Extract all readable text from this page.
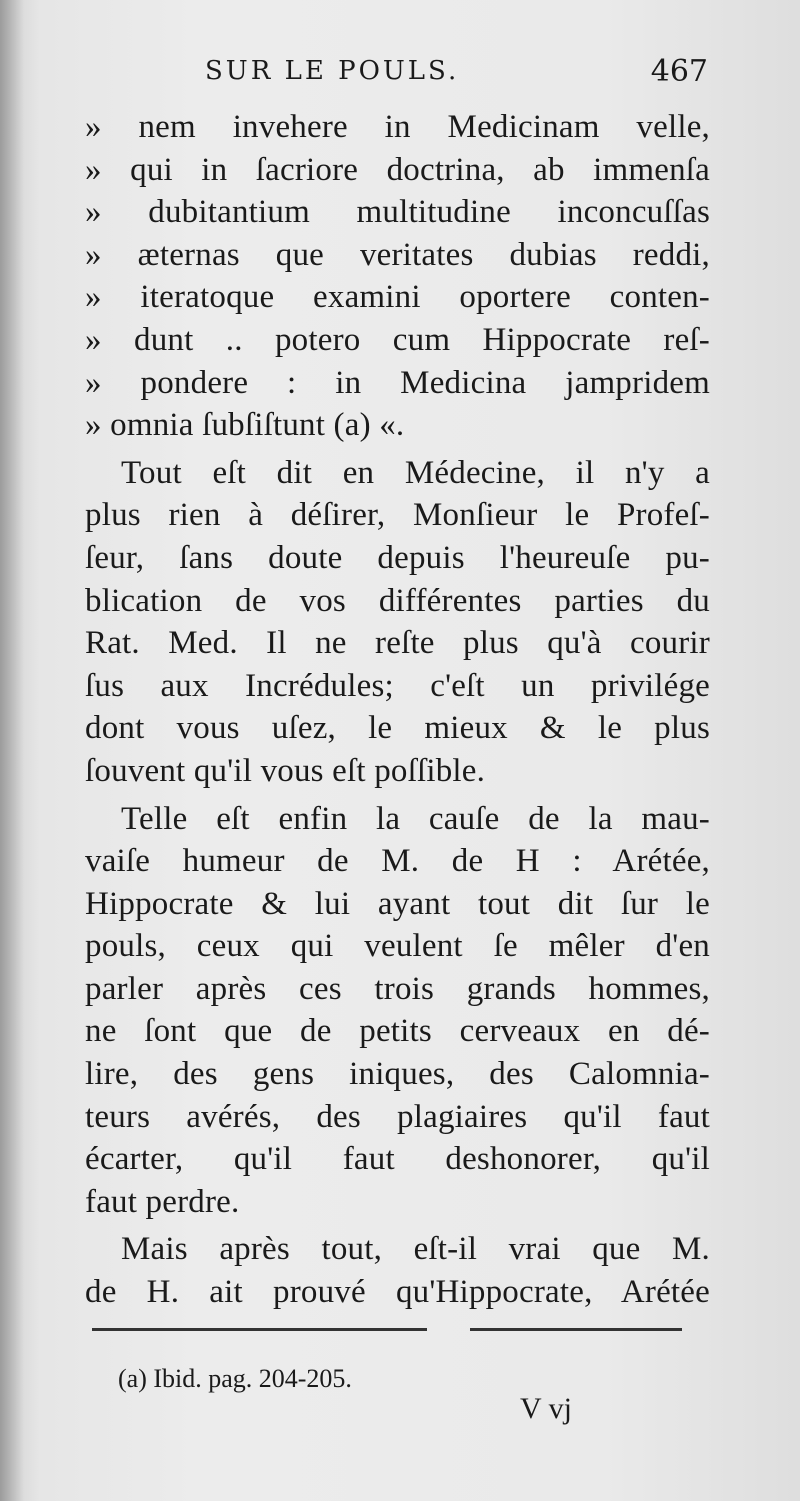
SUR LE POULS.	467
» nem invehere in Medicinam velle,
» qui in ſacriore doctrina, ab immenſa
» dubitantium multitudine inconcuſſas
» æternas que veritates dubias reddi,
» iteratoque examini oportere conten-
» dunt .. potero cum Hippocrate reſ-
» pondere : in Medicina jampridem
» omnia ſubſiſtunt (a) «.
Tout eſt dit en Médecine, il n'y a
plus rien à déſirer, Monſieur le Profeſ-
ſeur, ſans doute depuis l'heureuſe pu-
blication de vos différentes parties du
Rat. Med. Il ne reſte plus qu'à courir
ſus aux Incrédules; c'eſt un privilége
dont vous uſez, le mieux & le plus
ſouvent qu'il vous eſt poſſible.
Telle eſt enfin la cauſe de la mau-
vaiſe humeur de M. de H : Arétée,
Hippocrate & lui ayant tout dit ſur le
pouls, ceux qui veulent ſe mêler d'en
parler après ces trois grands hommes,
ne ſont que de petits cerveaux en dé-
lire, des gens iniques, des Calomnia-
teurs avérés, des plagiaires qu'il faut
écarter, qu'il faut deshonorer, qu'il
faut perdre.
Mais après tout, eſt-il vrai que M.
de H. ait prouvé qu'Hippocrate, Arétée
(a) Ibid. pag. 204-205.
V vj
